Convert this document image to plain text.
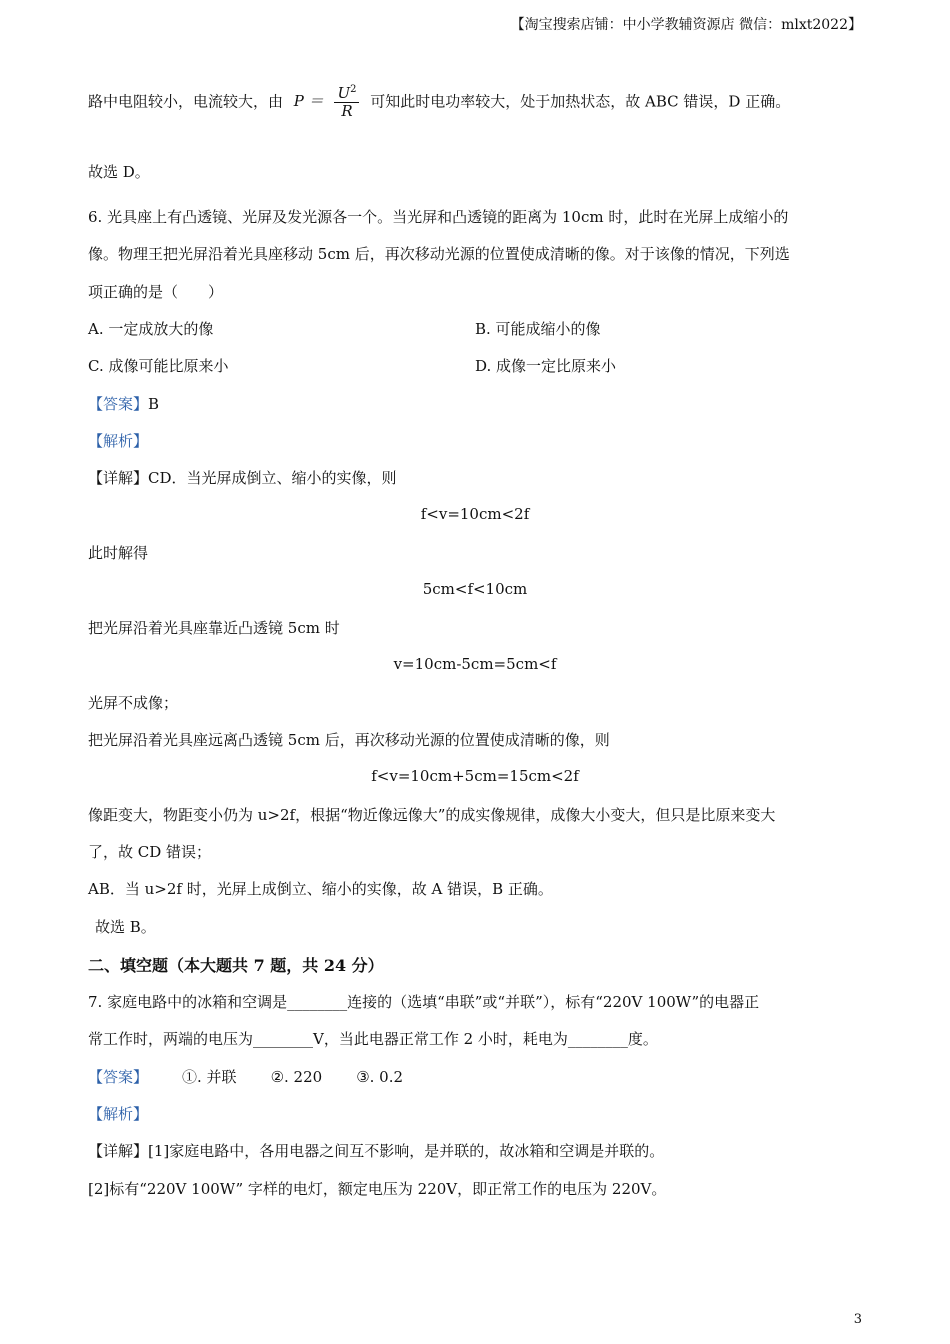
【淘宝搜索店铺：中小学教辅资源店 微信：mlxt2022】
路中电阻较小，电流较大，由 $P = \frac{U^2}{R}$ 可知此时电功率较大，处于加热状态，故 ABC 错误，D 正确。
故选 D。
6. 光具座上有凸透镜、光屏及发光源各一个。当光屏和凸透镜的距离为 10cm 时，此时在光屏上成缩小的
像。物理王把光屏沿着光具座移动 5cm 后，再次移动光源的位置使成清晰的像。对于该像的情况，下列选
项正确的是（　　）
A. 一定成放大的像	B. 可能成缩小的像
C. 成像可能比原来小	D. 成像一定比原来小
【答案】B
【解析】
【详解】CD．当光屏成倒立、缩小的实像，则
f<v=10cm<2f
此时解得
5cm<f<10cm
把光屏沿着光具座靠近凸透镜 5cm 时
v=10cm-5cm=5cm<f
光屏不成像；
把光屏沿着光具座远离凸透镜 5cm 后，再次移动光源的位置使成清晰的像，则
f<v=10cm+5cm=15cm<2f
像距变大，物距变小仍为 u>2f，根据“物近像远像大”的成实像规律，成像大小变大，但只是比原来变大
了，故 CD 错误；
AB．当 u>2f 时，光屏上成倒立、缩小的实像，故 A 错误，B 正确。
故选 B。
二、填空题（本大题共 7 题，共 24 分）
7. 家庭电路中的冰箱和空调是________连接的（选填“串联”或“并联”），标有“220V 100W”的电器正
常工作时，两端的电压为________V，当此电器正常工作 2 小时，耗电为________度。
【答案】 ①. 并联 ②. 220 ③. 0.2
【解析】
【详解】[1]家庭电路中，各用电器之间互不影响，是并联的，故冰箱和空调是并联的。
[2]标有“220V 100W” 字样的电灯，额定电压为 220V，即正常工作的电压为 220V。
3
